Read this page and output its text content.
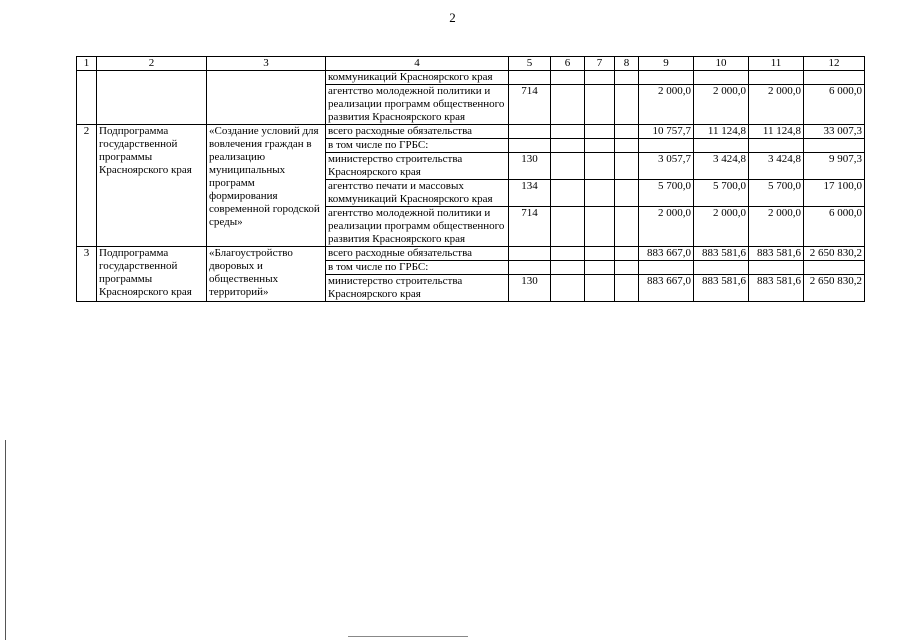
2
1	2	3	4	5	6	7	8	9	10	11	12
			коммуникаций Красноярского края								
			агентство молодежной политики и реализации программ общественного развития Красноярского края	714				2 000,0	2 000,0	2 000,0	6 000,0
2	Подпрограмма государственной программы Красноярского края	«Создание условий для вовлечения граждан в реализацию муниципальных программ формирования современной городской среды»	всего расходные обязательства					10 757,7	11 124,8	11 124,8	33 007,3
			в том числе по ГРБС:								
			министерство строительства Красноярского края	130				3 057,7	3 424,8	3 424,8	9 907,3
			агентство печати и массовых коммуникаций Красноярского края	134				5 700,0	5 700,0	5 700,0	17 100,0
			агентство молодежной политики и реализации программ общественного развития Красноярского края	714				2 000,0	2 000,0	2 000,0	6 000,0
3	Подпрограмма государственной программы Красноярского края	«Благоустройство дворовых и общественных территорий»	всего расходные обязательства					883 667,0	883 581,6	883 581,6	2 650 830,2
			в том числе по ГРБС:								
			министерство строительства Красноярского края	130				883 667,0	883 581,6	883 581,6	2 650 830,2
